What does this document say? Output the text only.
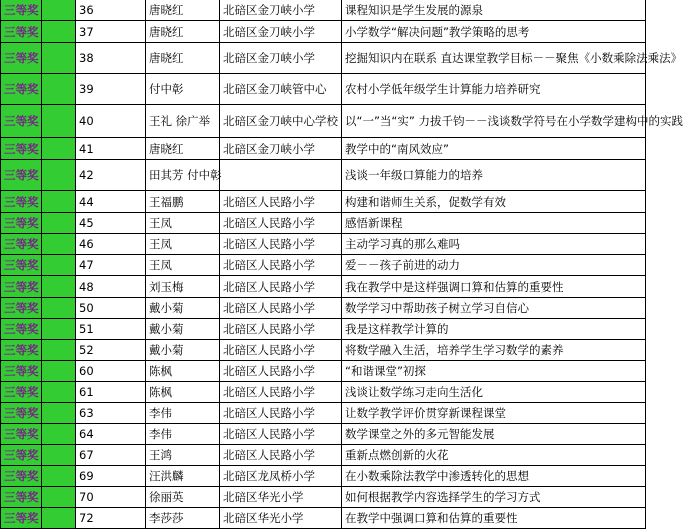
三等奖		36	唐晓红	北碚区金刀峡小学	课程知识是学生发展的源泉
三等奖		37	唐晓红	北碚区金刀峡小学	小学数学“解决问题”教学策略的思考
三等奖		38	唐晓红	北碚区金刀峡小学	挖掘知识内在联系 直达课堂教学目标－－聚焦《小数乘除法乘法》
三等奖		39	付中彰	北碚区金刀峡管中心	农村小学低年级学生计算能力培养研究
三等奖		40	王礼 徐广举	北碚区金刀峡中心学校	以“一”当“实” 力拔千钧－－浅谈数学符号在小学数学建构中的实践
三等奖		41	唐晓红	北碚区金刀峡小学	教学中的“南风效应”
三等奖		42	田其芳 付中彰		浅谈一年级口算能力的培养
三等奖		44	王福鹏	北碚区人民路小学	构建和谐师生关系，促数学有效
三等奖		45	王凤	北碚区人民路小学	感悟新课程
三等奖		46	王凤	北碚区人民路小学	主动学习真的那么难吗
三等奖		47	王凤	北碚区人民路小学	爱－－孩子前进的动力
三等奖		48	刘玉梅	北碚区人民路小学	我在教学中是这样强调口算和估算的重要性
三等奖		50	戴小菊	北碚区人民路小学	数学学习中帮助孩子树立学习自信心
三等奖		51	戴小菊	北碚区人民路小学	我是这样教学计算的
三等奖		52	戴小菊	北碚区人民路小学	将数学融入生活，培养学生学习数学的素养
三等奖		60	陈枫	北碚区人民路小学	“和谐课堂”初探
三等奖		61	陈枫	北碚区人民路小学	浅谈让数学练习走向生活化
三等奖		63	李伟	北碚区人民路小学	让数学教学评价贯穿新课程课堂
三等奖		64	李伟	北碚区人民路小学	数学课堂之外的多元智能发展
三等奖		67	王鸿	北碚区人民路小学	重新点燃创新的火花
三等奖		69	汪洪麟	北碚区龙凤桥小学	在小数乘除法教学中渗透转化的思想
三等奖		70	徐丽英	北碚区华光小学	如何根据教学内容选择学生的学习方式
三等奖		72	李莎莎	北碚区华光小学	在教学中强调口算和估算的重要性
